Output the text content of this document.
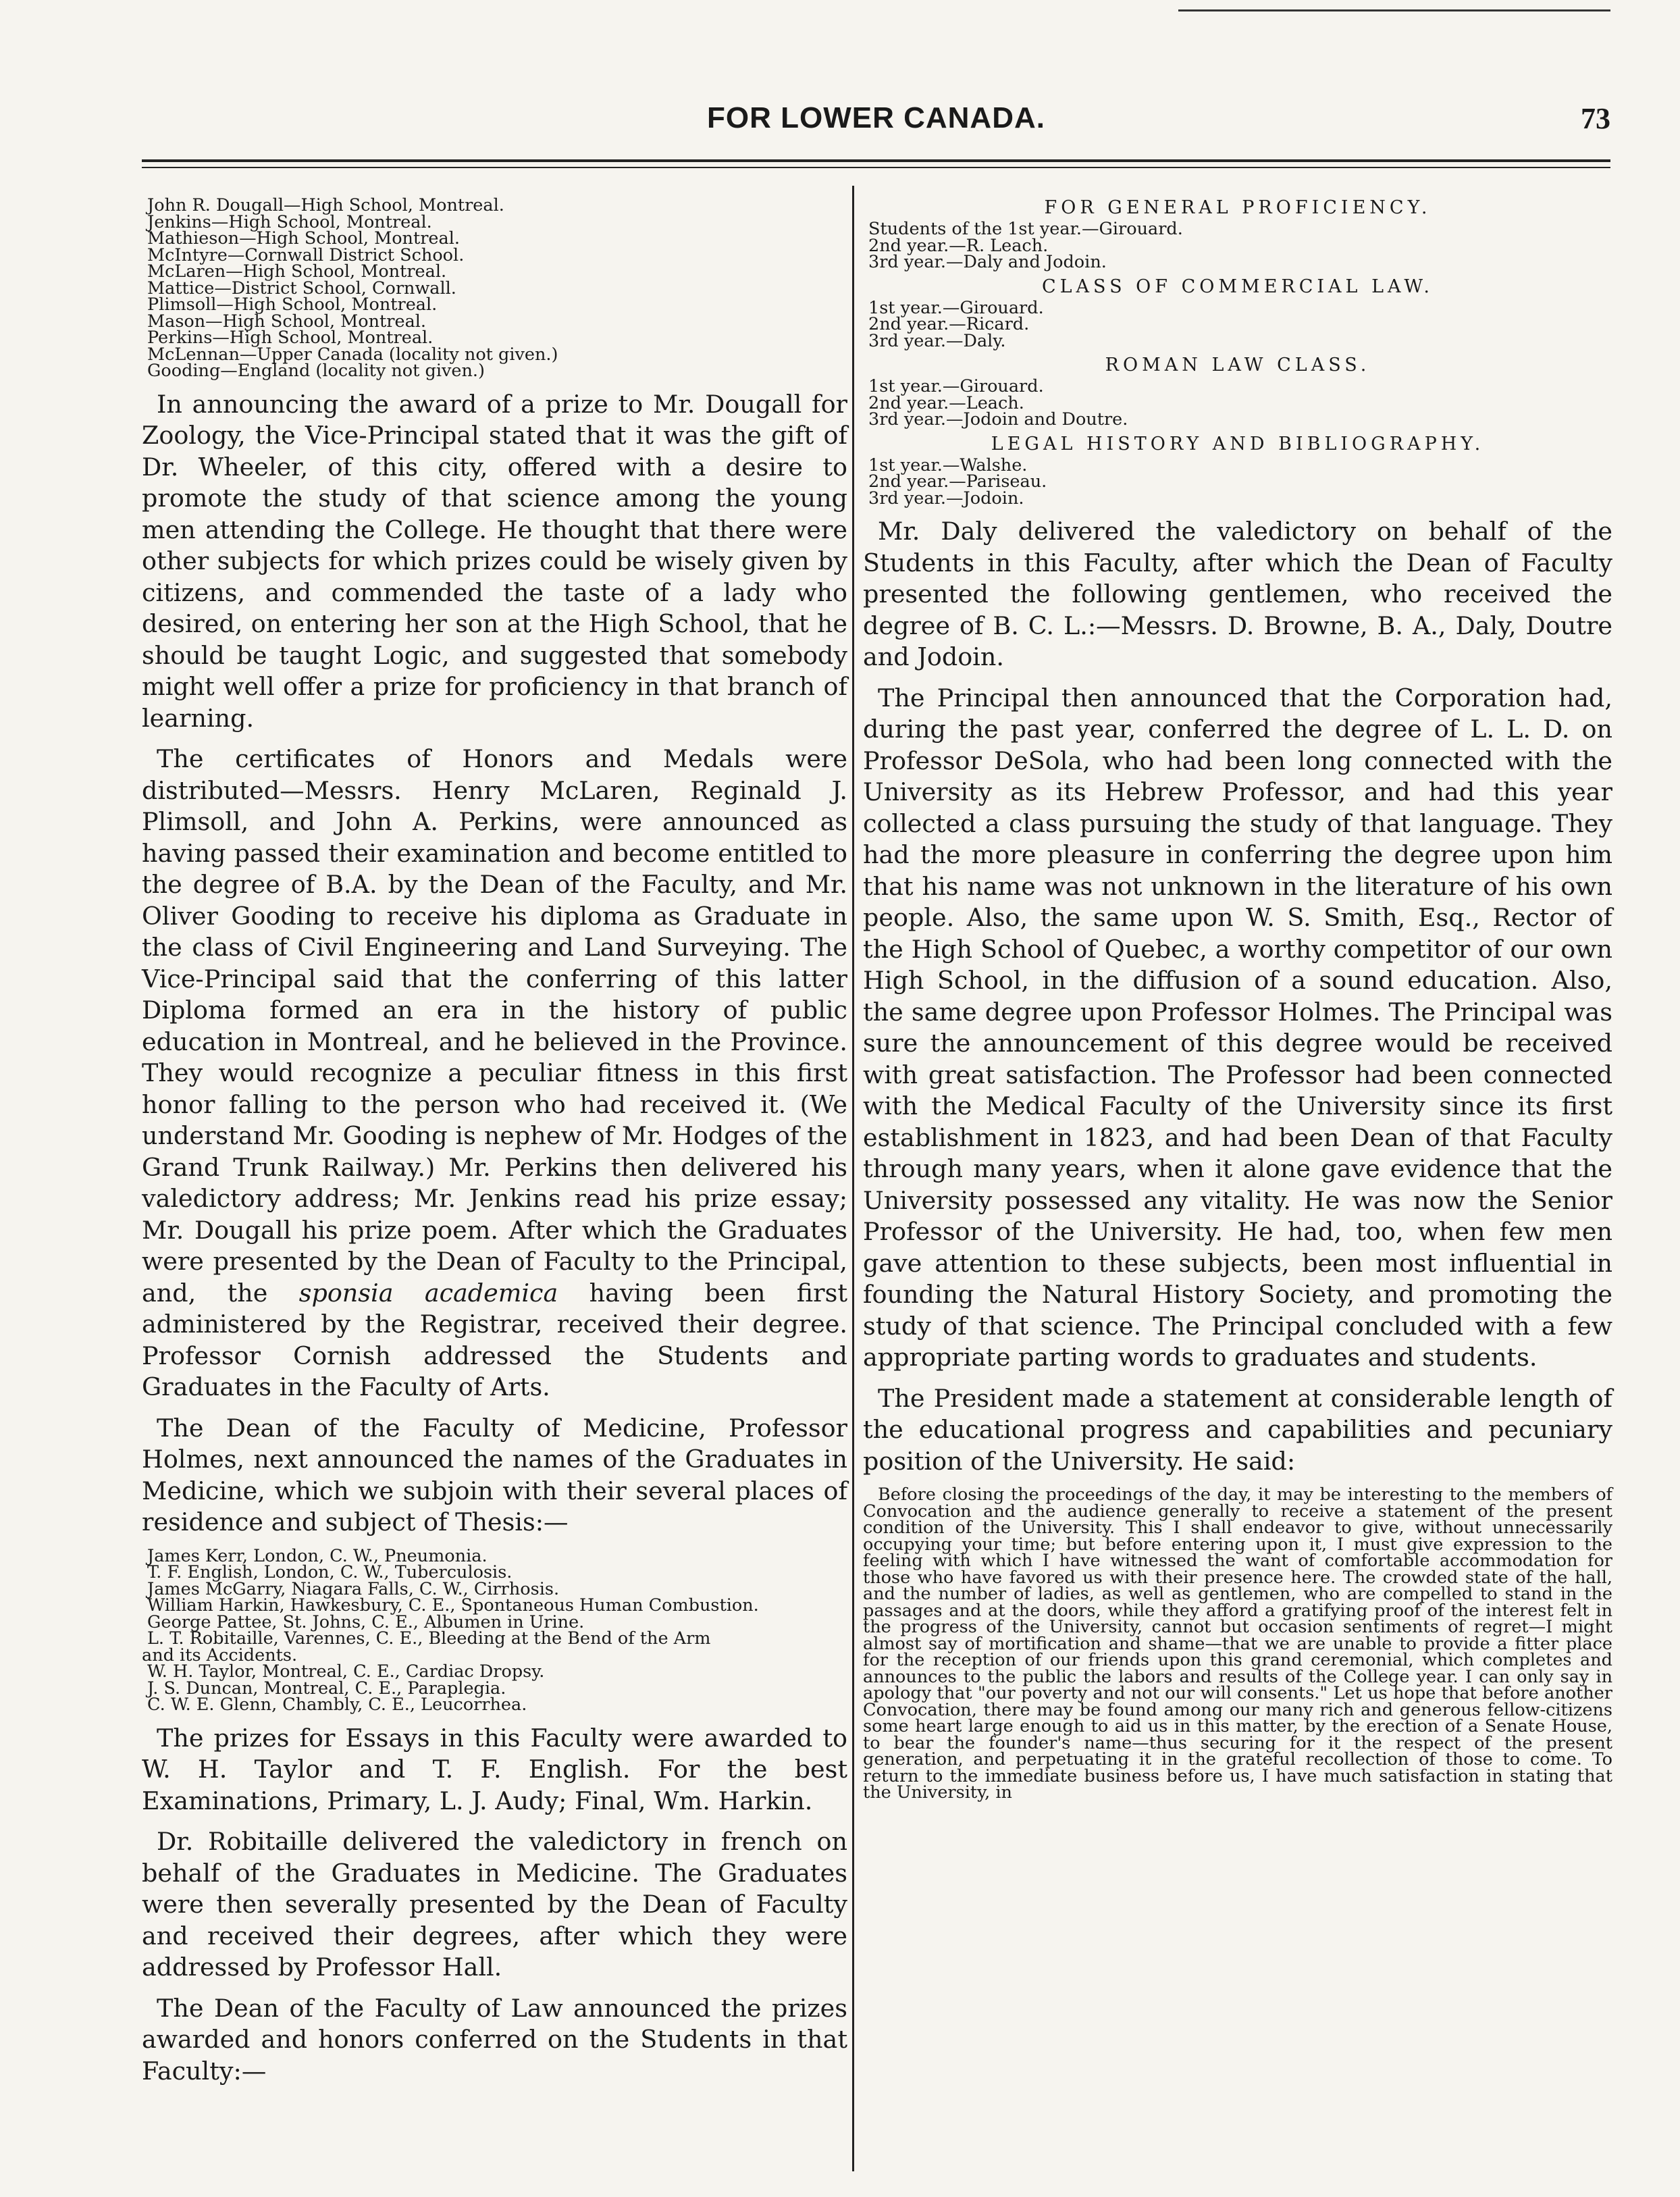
FOR LOWER CANADA.	73
John R. Dougall—High School, Montreal.
Jenkins—High School, Montreal.
Mathieson—High School, Montreal.
McIntyre—Cornwall District School.
McLaren—High School, Montreal.
Mattice—District School, Cornwall.
Plimsoll—High School, Montreal.
Mason—High School, Montreal.
Perkins—High School, Montreal.
McLennan—Upper Canada (locality not given.)
Gooding—England (locality not given.)

In announcing the award of a prize to Mr. Dougall for Zoology, the Vice-Principal stated that it was the gift of Dr. Wheeler, of this city, offered with a desire to promote the study of that science among the young men attending the College. He thought that there were other subjects for which prizes could be wisely given by citizens, and commended the taste of a lady who desired, on entering her son at the High School, that he should be taught Logic, and suggested that somebody might well offer a prize for proficiency in that branch of learning.

The certificates of Honors and Medals were distributed—Messrs. Henry McLaren, Reginald J. Plimsoll, and John A. Perkins, were announced as having passed their examination and become entitled to the degree of B.A. by the Dean of the Faculty, and Mr. Oliver Gooding to receive his diploma as Graduate in the class of Civil Engineering and Land Surveying. The Vice-Principal said that the conferring of this latter Diploma formed an era in the history of public education in Montreal, and he believed in the Province. They would recognize a peculiar fitness in this first honor falling to the person who had received it. (We understand Mr. Gooding is nephew of Mr. Hodges of the Grand Trunk Railway.) Mr. Perkins then delivered his valedictory address; Mr. Jenkins read his prize essay; Mr. Dougall his prize poem. After which the Graduates were presented by the Dean of Faculty to the Principal, and, the sponsia academica having been first administered by the Registrar, received their degree. Professor Cornish addressed the Students and Graduates in the Faculty of Arts.

The Dean of the Faculty of Medicine, Professor Holmes, next announced the names of the Graduates in Medicine, which we subjoin with their several places of residence and subject of Thesis:—

James Kerr, London, C. W., Pneumonia.
T. F. English, London, C. W., Tuberculosis.
James McGarry, Niagara Falls, C. W., Cirrhosis.
William Harkin, Hawkesbury, C. E., Spontaneous Human Combustion.
George Pattee, St. Johns, C. E., Albumen in Urine.
L. T. Robitaille, Varennes, C. E., Bleeding at the Bend of the Arm
and its Accidents.
W. H. Taylor, Montreal, C. E., Cardiac Dropsy.
J. S. Duncan, Montreal, C. E., Paraplegia.
C. W. E. Glenn, Chambly, C. E., Leucorrhea.

The prizes for Essays in this Faculty were awarded to W. H. Taylor and T. F. English. For the best Examinations, Primary, L. J. Audy; Final, Wm. Harkin.

Dr. Robitaille delivered the valedictory in french on behalf of the Graduates in Medicine. The Graduates were then severally presented by the Dean of Faculty and received their degrees, after which they were addressed by Professor Hall.

The Dean of the Faculty of Law announced the prizes awarded and honors conferred on the Students in that Faculty:—

FOR GENERAL PROFICIENCY.
Students of the 1st year.—Girouard.
2nd year.—R. Leach.
3rd year.—Daly and Jodoin.
CLASS OF COMMERCIAL LAW.
1st year.—Girouard.
2nd year.—Ricard.
3rd year.—Daly.
ROMAN LAW CLASS.
1st year.—Girouard.
2nd year.—Leach.
3rd year.—Jodoin and Doutre.
LEGAL HISTORY AND BIBLIOGRAPHY.
1st year.—Walshe.
2nd year.—Pariseau.
3rd year.—Jodoin.

Mr. Daly delivered the valedictory on behalf of the Students in this Faculty, after which the Dean of Faculty presented the following gentlemen, who received the degree of B. C. L.:—Messrs. D. Browne, B. A., Daly, Doutre and Jodoin.

The Principal then announced that the Corporation had, during the past year, conferred the degree of L. L. D. on Professor DeSola, who had been long connected with the University as its Hebrew Professor, and had this year collected a class pursuing the study of that language. They had the more pleasure in conferring the degree upon him that his name was not unknown in the literature of his own people. Also, the same upon W. S. Smith, Esq., Rector of the High School of Quebec, a worthy competitor of our own High School, in the diffusion of a sound education. Also, the same degree upon Professor Holmes. The Principal was sure the announcement of this degree would be received with great satisfaction. The Professor had been connected with the Medical Faculty of the University since its first establishment in 1823, and had been Dean of that Faculty through many years, when it alone gave evidence that the University possessed any vitality. He was now the Senior Professor of the University. He had, too, when few men gave attention to these subjects, been most influential in founding the Natural History Society, and promoting the study of that science. The Principal concluded with a few appropriate parting words to graduates and students.

The President made a statement at considerable length of the educational progress and capabilities and pecuniary position of the University. He said:

Before closing the proceedings of the day, it may be interesting to the members of Convocation and the audience generally to receive a statement of the present condition of the University. This I shall endeavor to give, without unnecessarily occupying your time; but before entering upon it, I must give expression to the feeling with which I have witnessed the want of comfortable accommodation for those who have favored us with their presence here. The crowded state of the hall, and the number of ladies, as well as gentlemen, who are compelled to stand in the passages and at the doors, while they afford a gratifying proof of the interest felt in the progress of the University, cannot but occasion sentiments of regret—I might almost say of mortification and shame—that we are unable to provide a fitter place for the reception of our friends upon this grand ceremonial, which completes and announces to the public the labors and results of the College year. I can only say in apology that "our poverty and not our will consents." Let us hope that before another Convocation, there may be found among our many rich and generous fellow-citizens some heart large enough to aid us in this matter, by the erection of a Senate House, to bear the founder's name—thus securing for it the respect of the present generation, and perpetuating it in the grateful recollection of those to come. To return to the immediate business before us, I have much satisfaction in stating that the University, in
